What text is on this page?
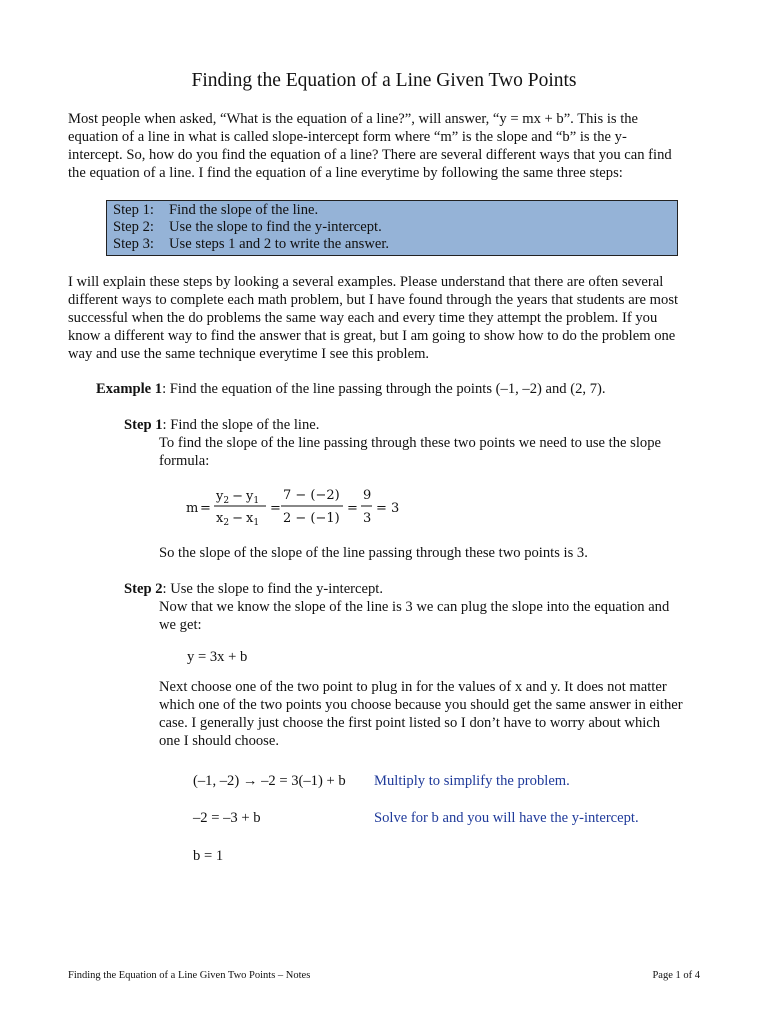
Finding the Equation of a Line Given Two Points
Most people when asked, “What is the equation of a line?”, will answer, “y = mx + b”. This is the
equation of a line in what is called slope-intercept form where “m” is the slope and “b” is the y-
intercept. So, how do you find the equation of a line? There are several different ways that you can find
the equation of a line. I find the equation of a line everytime by following the same three steps:
Step 1: Find the slope of the line.
Step 2: Use the slope to find the y-intercept.
Step 3: Use steps 1 and 2 to write the answer.
I will explain these steps by looking a several examples. Please understand that there are often several
different ways to complete each math problem, but I have found through the years that students are most
successful when the do problems the same way each and every time they attempt the problem. If you
know a different way to find the answer that is great, but I am going to show how to do the problem one
way and use the same technique everytime I see this problem.
Example 1: Find the equation of the line passing through the points (–1, –2) and (2, 7).
Step 1: Find the slope of the line.
To find the slope of the line passing through these two points we need to use the slope
formula:
m =
$y_2 - y_1$
$x_2 - x_1$
=
7 − (−2)
2 − (−1)
=
9
3
= 3
So the slope of the slope of the line passing through these two points is 3.
Step 2: Use the slope to find the y-intercept.
Now that we know the slope of the line is 3 we can plug the slope into the equation and
we get:
y = 3x + b
Next choose one of the two point to plug in for the values of x and y. It does not matter
which one of the two points you choose because you should get the same answer in either
case. I generally just choose the first point listed so I don’t have to worry about which
one I should choose.
(–1, –2) → –2 = 3(–1) + b Multiply to simplify the problem.
–2 = –3 + b	Solve for b and you will have the y-intercept.
b = 1
Finding the Equation of a Line Given Two Points – Notes	Page 1 of 4
